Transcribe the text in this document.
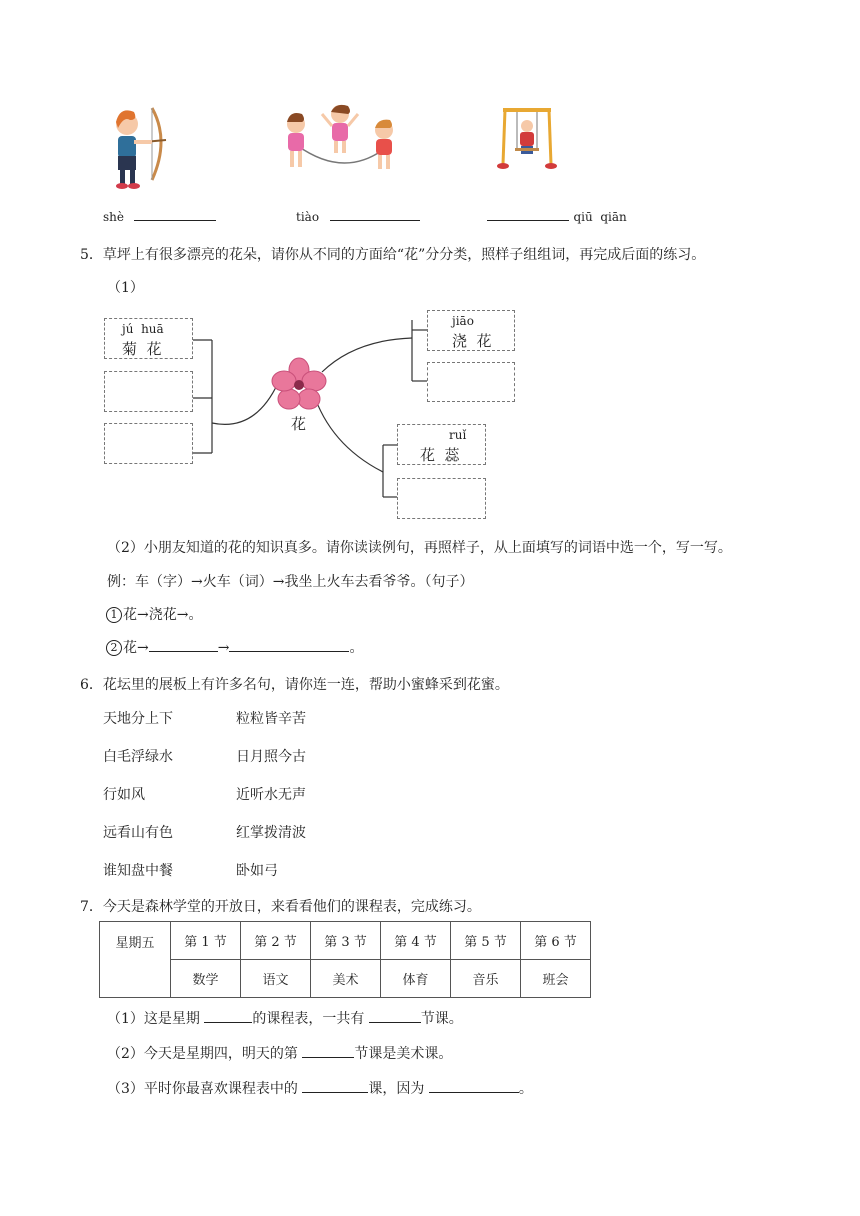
shè	tiào	qiū  qiān
5．草坪上有很多漂亮的花朵，请你从不同的方面给“花”分分类，照样子组组词，再完成后面的练习。
（1）
花
jú  huā
菊  花
jiāo
浇  花
ruǐ
花  蕊
（2）小朋友知道的花的知识真多。请你读读例句，再照样子，从上面填写的词语中选一个，写一写。
例：车（字）→火车（词）→我坐上火车去看爷爷。（句子）
1 花→浇花→。
2 花→	→	。
6．花坛里的展板上有许多名句，请你连一连，帮助小蜜蜂采到花蜜。
天地分上下
白毛浮绿水
行如风
远看山有色
谁知盘中餐
粒粒皆辛苦
日月照今古
近听水无声
红掌拨清波
卧如弓
7．今天是森林学堂的开放日，来看看他们的课程表，完成练习。
星期五	第 1 节	第 2 节	第 3 节	第 4 节	第 5 节	第 6 节
	数学	语文	美术	体育	音乐	班会
（1）这是星期	的课程表，一共有	节课。
（2）今天是星期四，明天的第	节课是美术课。
（3）平时你最喜欢课程表中的	课，因为	。
